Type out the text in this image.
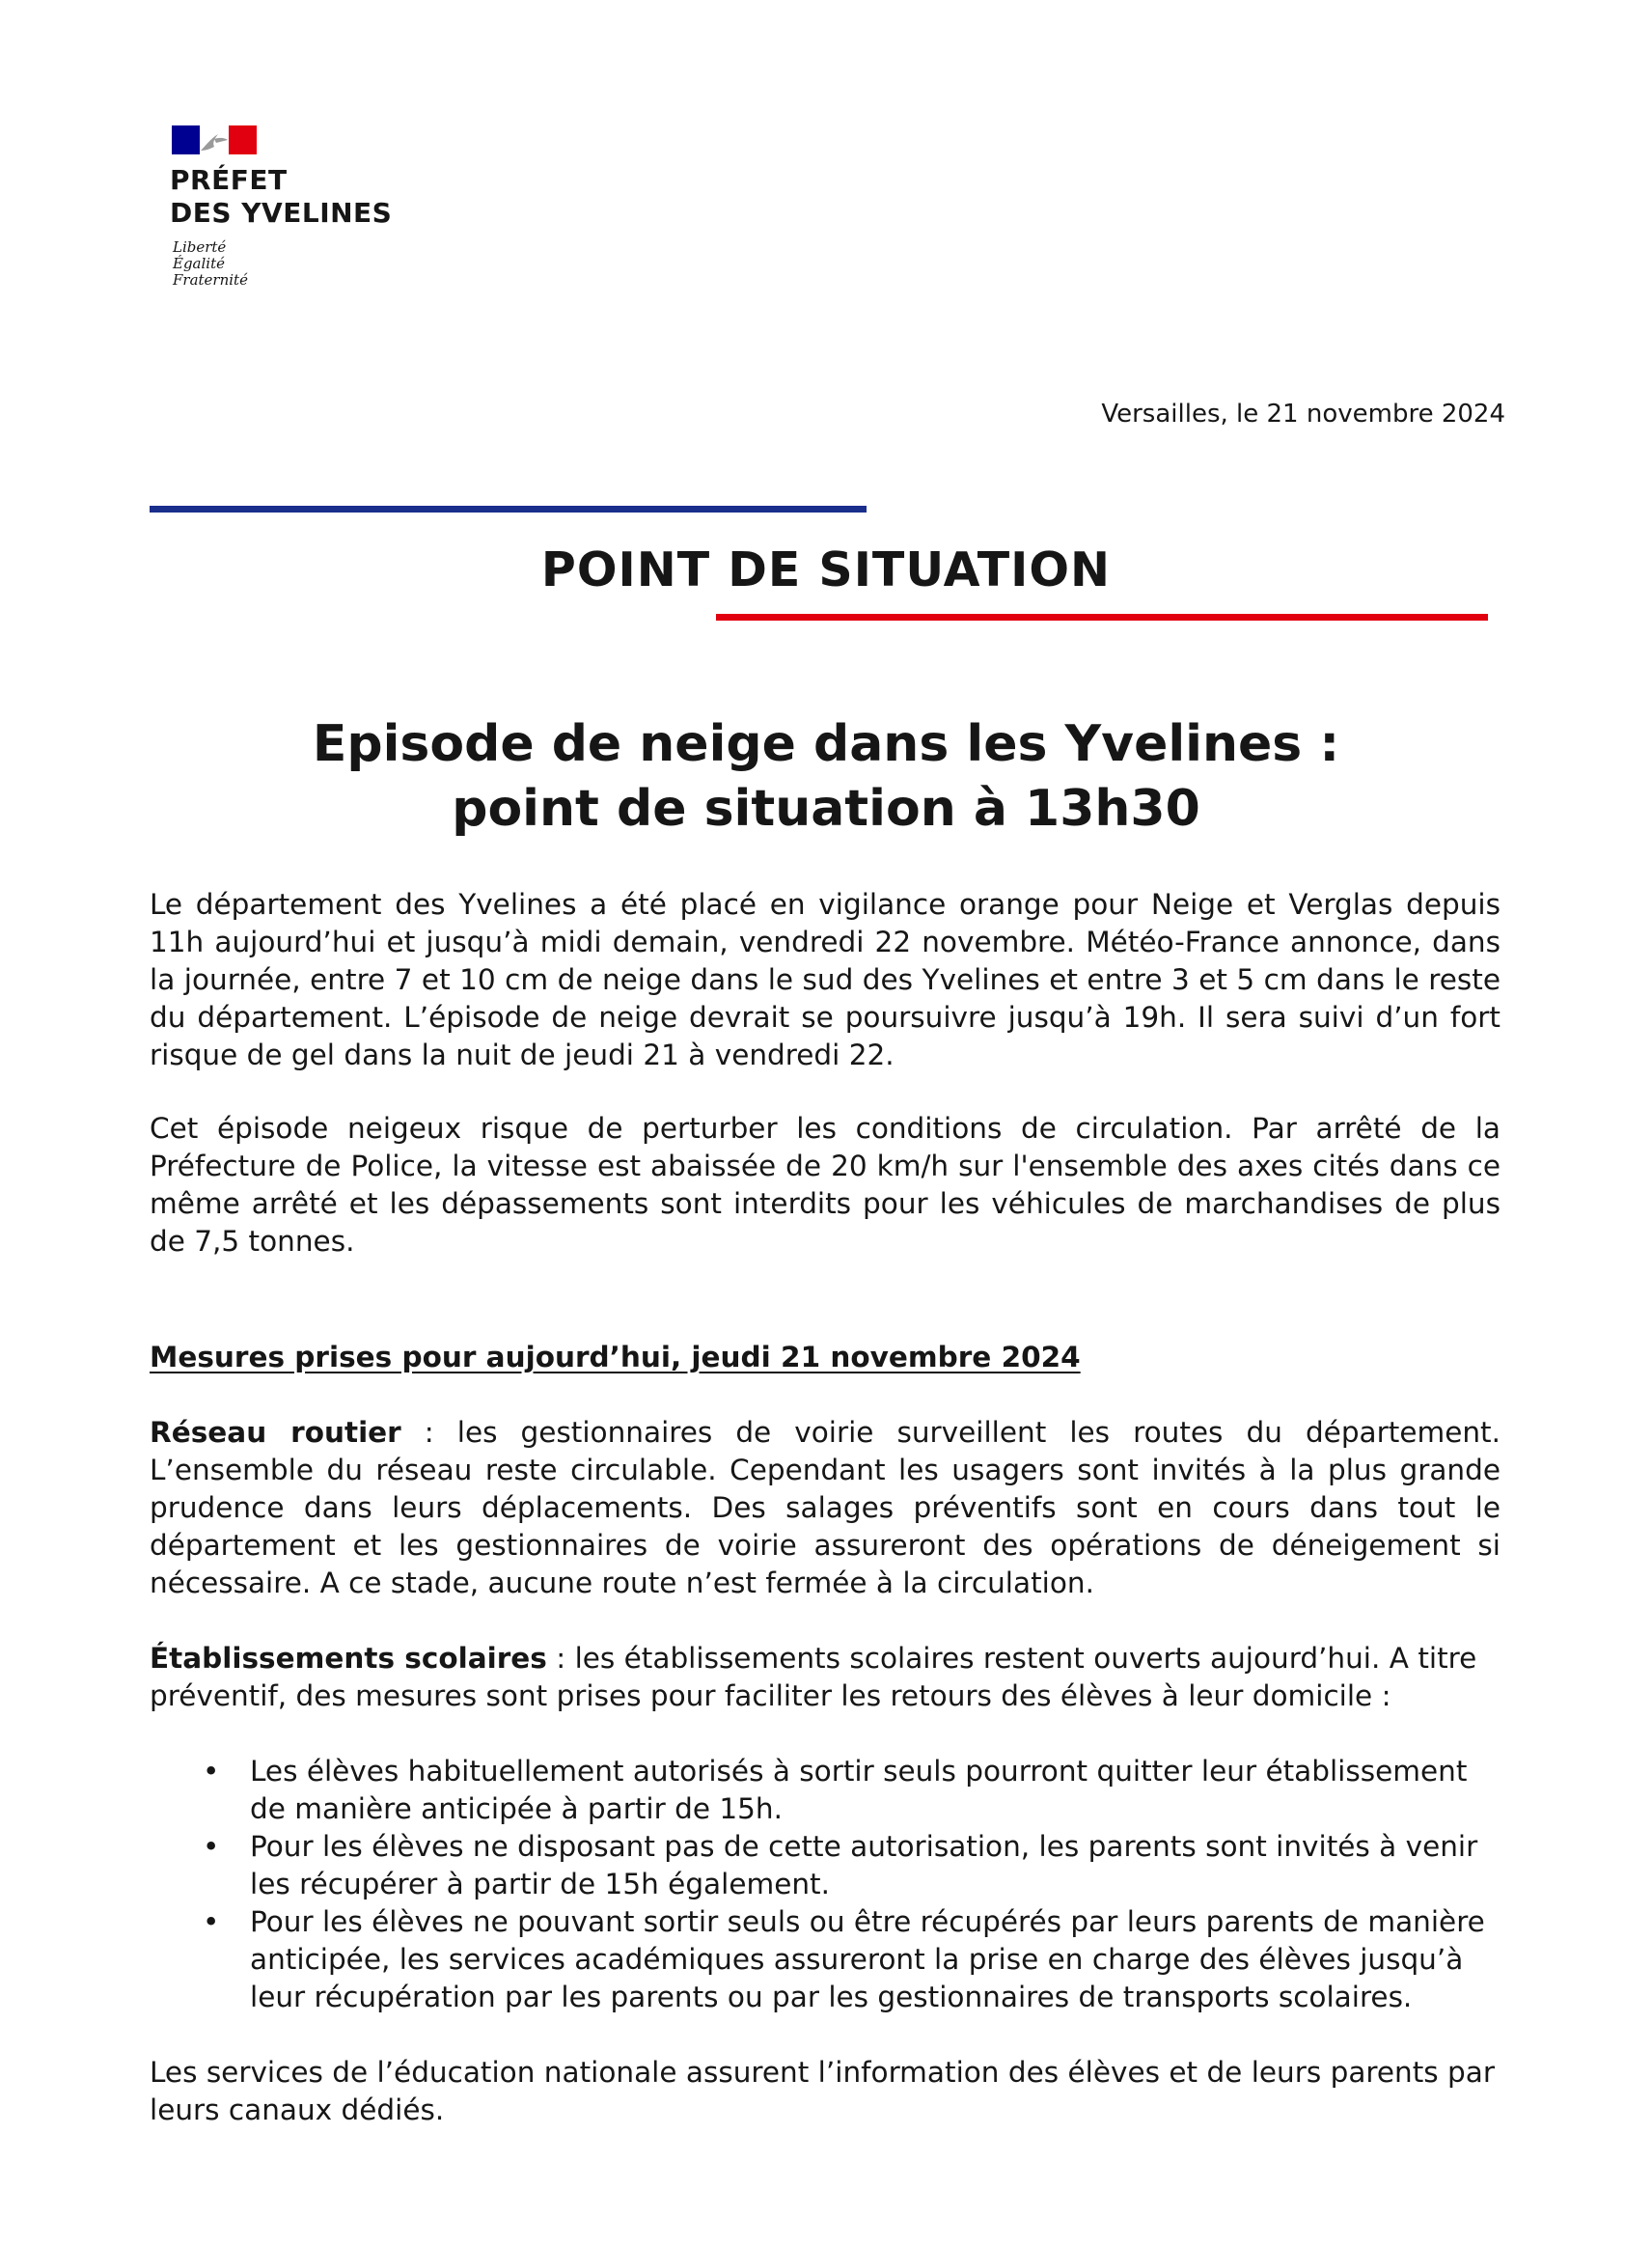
PRÉFET
DES YVELINES
Liberté
Égalité
Fraternité
Versailles, le 21 novembre 2024
POINT DE SITUATION
Episode de neige dans les Yvelines :
point de situation à 13h30
Le département des Yvelines a été placé en vigilance orange pour Neige et Verglas depuis 11h aujourd’hui et jusqu’à midi demain, vendredi 22 novembre. Météo-France annonce, dans la journée, entre 7 et 10 cm de neige dans le sud des Yvelines et entre 3 et 5 cm dans le reste du département. L’épisode de neige devrait se poursuivre jusqu’à 19h. Il sera suivi d’un fort risque de gel dans la nuit de jeudi 21 à vendredi 22.
Cet épisode neigeux risque de perturber les conditions de circulation. Par arrêté de la Préfecture de Police, la vitesse est abaissée de 20 km/h sur l'ensemble des axes cités dans ce même arrêté et les dépassements sont interdits pour les véhicules de marchandises de plus de 7,5 tonnes.
Mesures prises pour aujourd’hui, jeudi 21 novembre 2024
Réseau routier : les gestionnaires de voirie surveillent les routes du département. L’ensemble du réseau reste circulable. Cependant les usagers sont invités à la plus grande prudence dans leurs déplacements. Des salages préventifs sont en cours dans tout le département et les gestionnaires de voirie assureront des opérations de déneigement si nécessaire. A ce stade, aucune route n’est fermée à la circulation.
Établissements scolaires : les établissements scolaires restent ouverts aujourd’hui. A titre préventif, des mesures sont prises pour faciliter les retours des élèves à leur domicile :
• Les élèves habituellement autorisés à sortir seuls pourront quitter leur établissement de manière anticipée à partir de 15h.
• Pour les élèves ne disposant pas de cette autorisation, les parents sont invités à venir les récupérer à partir de 15h également.
• Pour les élèves ne pouvant sortir seuls ou être récupérés par leurs parents de manière anticipée, les services académiques assureront la prise en charge des élèves jusqu’à leur récupération par les parents ou par les gestionnaires de transports scolaires.
Les services de l’éducation nationale assurent l’information des élèves et de leurs parents par leurs canaux dédiés.
